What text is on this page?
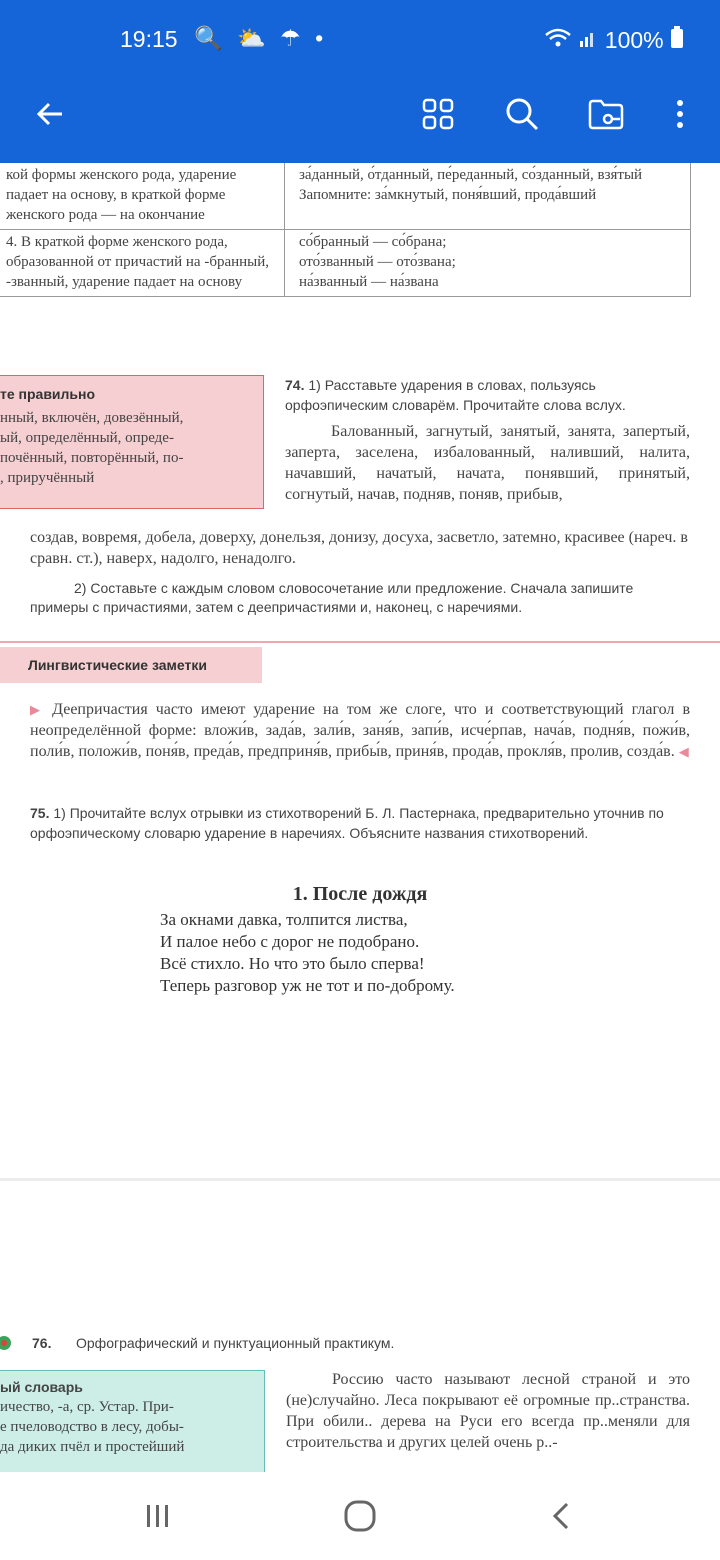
19:15 🔍 ⛅ ☂ •	100%
кой формы женского рода, ударение падает на основу, в краткой форме женского рода — на окончание
за́данный, о́тданный, пе́реданный, со́зданный, взя́тый
Запомните: за́мкнутый, поня́вший, прода́вший
4. В краткой форме женского рода, образованной от причастий на -бранный, -званный, ударение падает на основу
со́бранный — со́брана;
ото́званный — ото́звана;
на́званный — на́звана
те правильно
нный, включён, довезённый,
ый, определённый, опреде-
почённый, повторённый, по-
, приручённый
74. 1) Расставьте ударения в словах, пользуясь орфоэпическим словарём. Прочитайте слова вслух.
Балованный, загнутый, занятый, занята, запертый, заперта, заселена, избалованный, наливший, налита, начавший, начатый, начата, понявший, принятый, согнутый, начав, подняв, поняв, прибыв,
создав, вовремя, добела, доверху, донельзя, донизу, досуха, засветло, затемно, красивее (нареч. в сравн. ст.), наверх, надолго, ненадолго.
2) Составьте с каждым словом словосочетание или предложение. Сначала запишите примеры с причастиями, затем с деепричастиями и, наконец, с наречиями.
Лингвистические заметки
▶ Деепричастия часто имеют ударение на том же слоге, что и соответствующий глагол в неопределённой форме: вложи́в, зада́в, зали́в, заня́в, запи́в, исче́рпав, нача́в, подня́в, пожи́в, поли́в, положи́в, поня́в, преда́в, предприня́в, прибы́в, приня́в, прода́в, прокля́в, пролив, созда́в. ◀
75. 1) Прочитайте вслух отрывки из стихотворений Б. Л. Пастернака, предварительно уточнив по орфоэпическому словарю ударение в наречиях. Объясните названия стихотворений.
1. После дождя
За окнами давка, толпится листва,
И палое небо с дорог не подобрано.
Всё стихло. Но что это было сперва!
Теперь разговор уж не тот и по-доброму.
76. Орфографический и пунктуационный практикум.
ый словарь
ичество, -а, ср. Устар. При-
е пчеловодство в лесу, добы-
да диких пчёл и простейший
Россию часто называют лесной страной и это (не)случайно. Леса покрывают её огромные пр..странства. При обили.. дерева на Руси его всегда пр..меняли для строительства и других целей очень р..-
